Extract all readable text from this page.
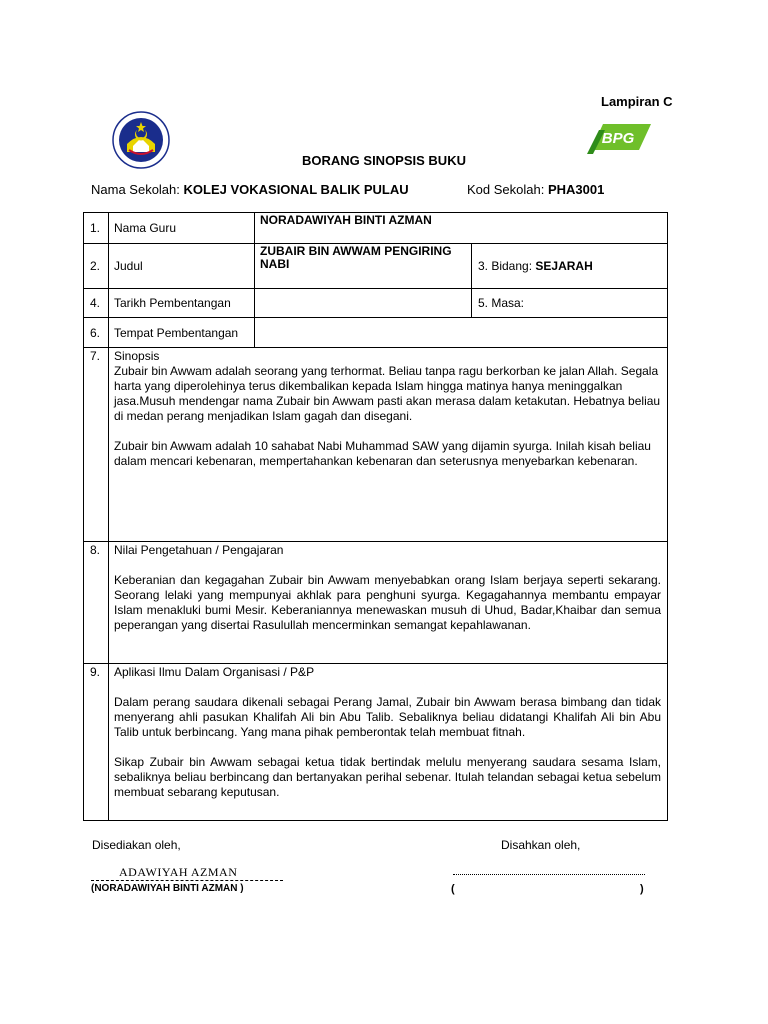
Lampiran C
BPG
BORANG SINOPSIS BUKU
Nama Sekolah: KOLEJ VOKASIONAL BALIK PULAU	Kod Sekolah: PHA3001
1.	Nama Guru	NORADAWIYAH BINTI AZMAN	
2.	Judul	ZUBAIR BIN AWWAM PENGIRING NABI	3. Bidang: SEJARAH
4.	Tarikh Pembentangan		5. Masa:
6.	Tempat Pembentangan		
7.	Sinopsis

Zubair bin Awwam adalah seorang yang terhormat. Beliau tanpa ragu berkorban ke jalan Allah. Segala harta yang diperolehinya terus dikembalikan kepada Islam hingga matinya hanya meninggalkan jasa.Musuh mendengar nama Zubair bin Awwam pasti akan merasa dalam ketakutan. Hebatnya beliau di medan perang menjadikan Islam gagah dan disegani.

Zubair bin Awwam adalah 10 sahabat Nabi Muhammad SAW yang dijamin syurga. Inilah kisah beliau dalam mencari kebenaran, mempertahankan kebenaran dan seterusnya menyebarkan kebenaran.		

8.	Nilai Pengetahuan / Pengajaran

Keberanian dan kegagahan Zubair bin Awwam menyebabkan orang Islam berjaya seperti sekarang. Seorang lelaki yang mempunyai akhlak para penghuni syurga. Kegagahannya membantu empayar Islam menakluki bumi Mesir. Keberaniannya menewaskan musuh di Uhud, Badar,Khaibar dan semua peperangan yang disertai Rasulullah mencerminkan semangat kepahlawanan.		

9.	Aplikasi Ilmu Dalam Organisasi / P&P

Dalam perang saudara dikenali sebagai Perang Jamal, Zubair bin Awwam berasa bimbang dan tidak menyerang ahli pasukan Khalifah Ali bin Abu Talib. Sebaliknya beliau didatangi Khalifah Ali bin Abu Talib untuk berbincang. Yang mana pihak pemberontak telah membuat fitnah.

Sikap Zubair bin Awwam sebagai ketua tidak bertindak melulu menyerang saudara sesama Islam, sebaliknya beliau berbincang dan bertanyakan perihal sebenar. Itulah telandan sebagai ketua sebelum membuat sebarang keputusan.		

Disediakan oleh,	Disahkan oleh,
ADAWIYAH AZMAN
(NORADAWIYAH BINTI AZMAN )	(	)
